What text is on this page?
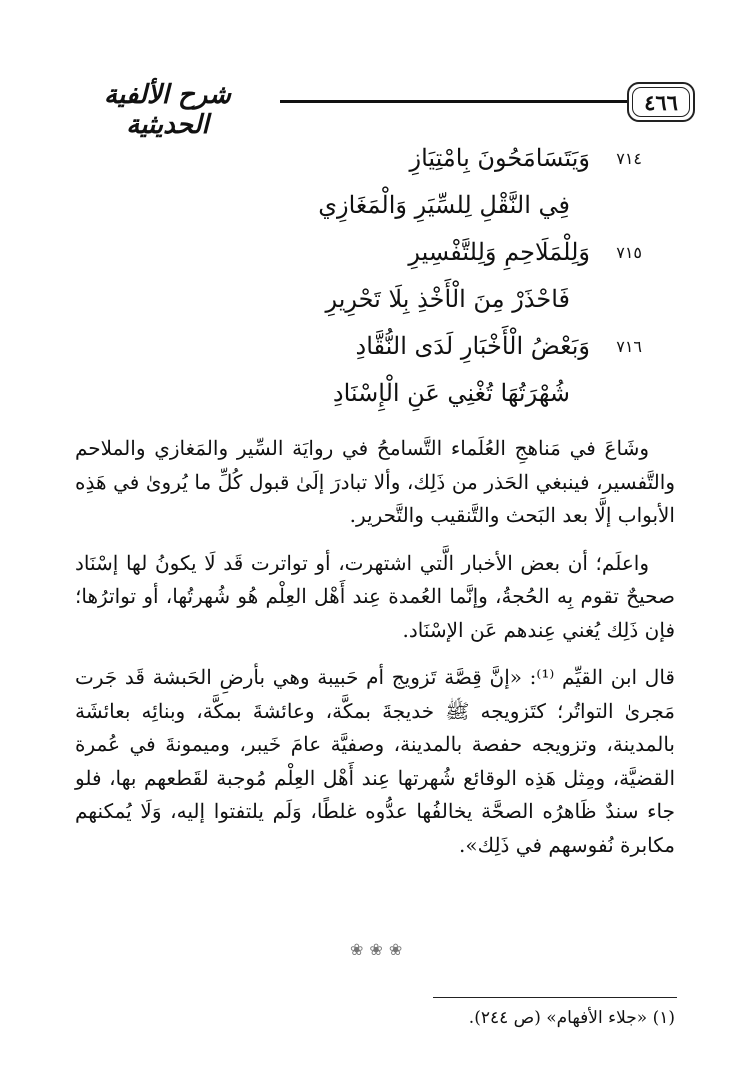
شرح الألفية الحديثية
٤٦٦
٧١٤
وَيَتَسَامَحُونَ بِامْتِيَازِ
فِي النَّقْلِ لِلسِّيَرِ وَالْمَغَازِي
٧١٥
وَلِلْمَلَاحِمِ وَلِلتَّفْسِيرِ
فَاحْذَرْ مِنَ الْأَخْذِ بِلَا تَحْرِيرِ
٧١٦
وَبَعْضُ الْأَخْبَارِ لَدَى النُّقَّادِ
شُهْرَتُهَا تُغْنِي عَنِ الْإِسْنَادِ

وشَاعَ في مَناهجِ العُلَماء التَّسامحُ في روايَة السِّير والمَغازي والملاحم والتَّفسير، فينبغي الحَذر من ذَلِك، وألا تبادرَ إلَىٰ قبول كُلِّ ما يُروىٰ في هَذِه الأبواب إلَّا بعد البَحث والتَّنقيب والتَّحرير.

واعلَم؛ أن بعض الأخبار الَّتي اشتهرت، أو تواترت قَد لَا يكونُ لها إسْنَاد صحيحٌ تقوم بِه الحُجةُ، وإنَّما العُمدة عِند أَهْل العِلْم هُو شُهرتُها، أو تواترُها؛ فإن ذَلِك يُغني عِندهم عَن الإسْنَاد.

قال ابن القيِّم ⁽¹⁾: «إنَّ قِصَّة تَزويج أم حَبيبة وهي بأرضِ الحَبشة قَد جَرت مَجرىٰ التواتُر؛ كتَزويجه ﷺ خديجةَ بمكَّة، وعائشةَ بمكَّة، وبنائِه بعائشَة بالمدينة، وتزويجه حفصة بالمدينة، وصفيَّة عامَ خَيبر، وميمونةَ في عُمرة القضيَّة، ومِثل هَذِه الوقائع شُهرتها عِند أَهْل العِلْم مُوجبة لقَطعهم بها، فلو جاء سندٌ ظَاهرُه الصحَّة يخالفُها عدُّوه غلطًا، وَلَم يلتفتوا إليه، وَلَا يُمكنهم مكابرة نُفوسهم في ذَلِك».

❀❀❀
(١) «جلاء الأفهام» (ص ٢٤٤).
